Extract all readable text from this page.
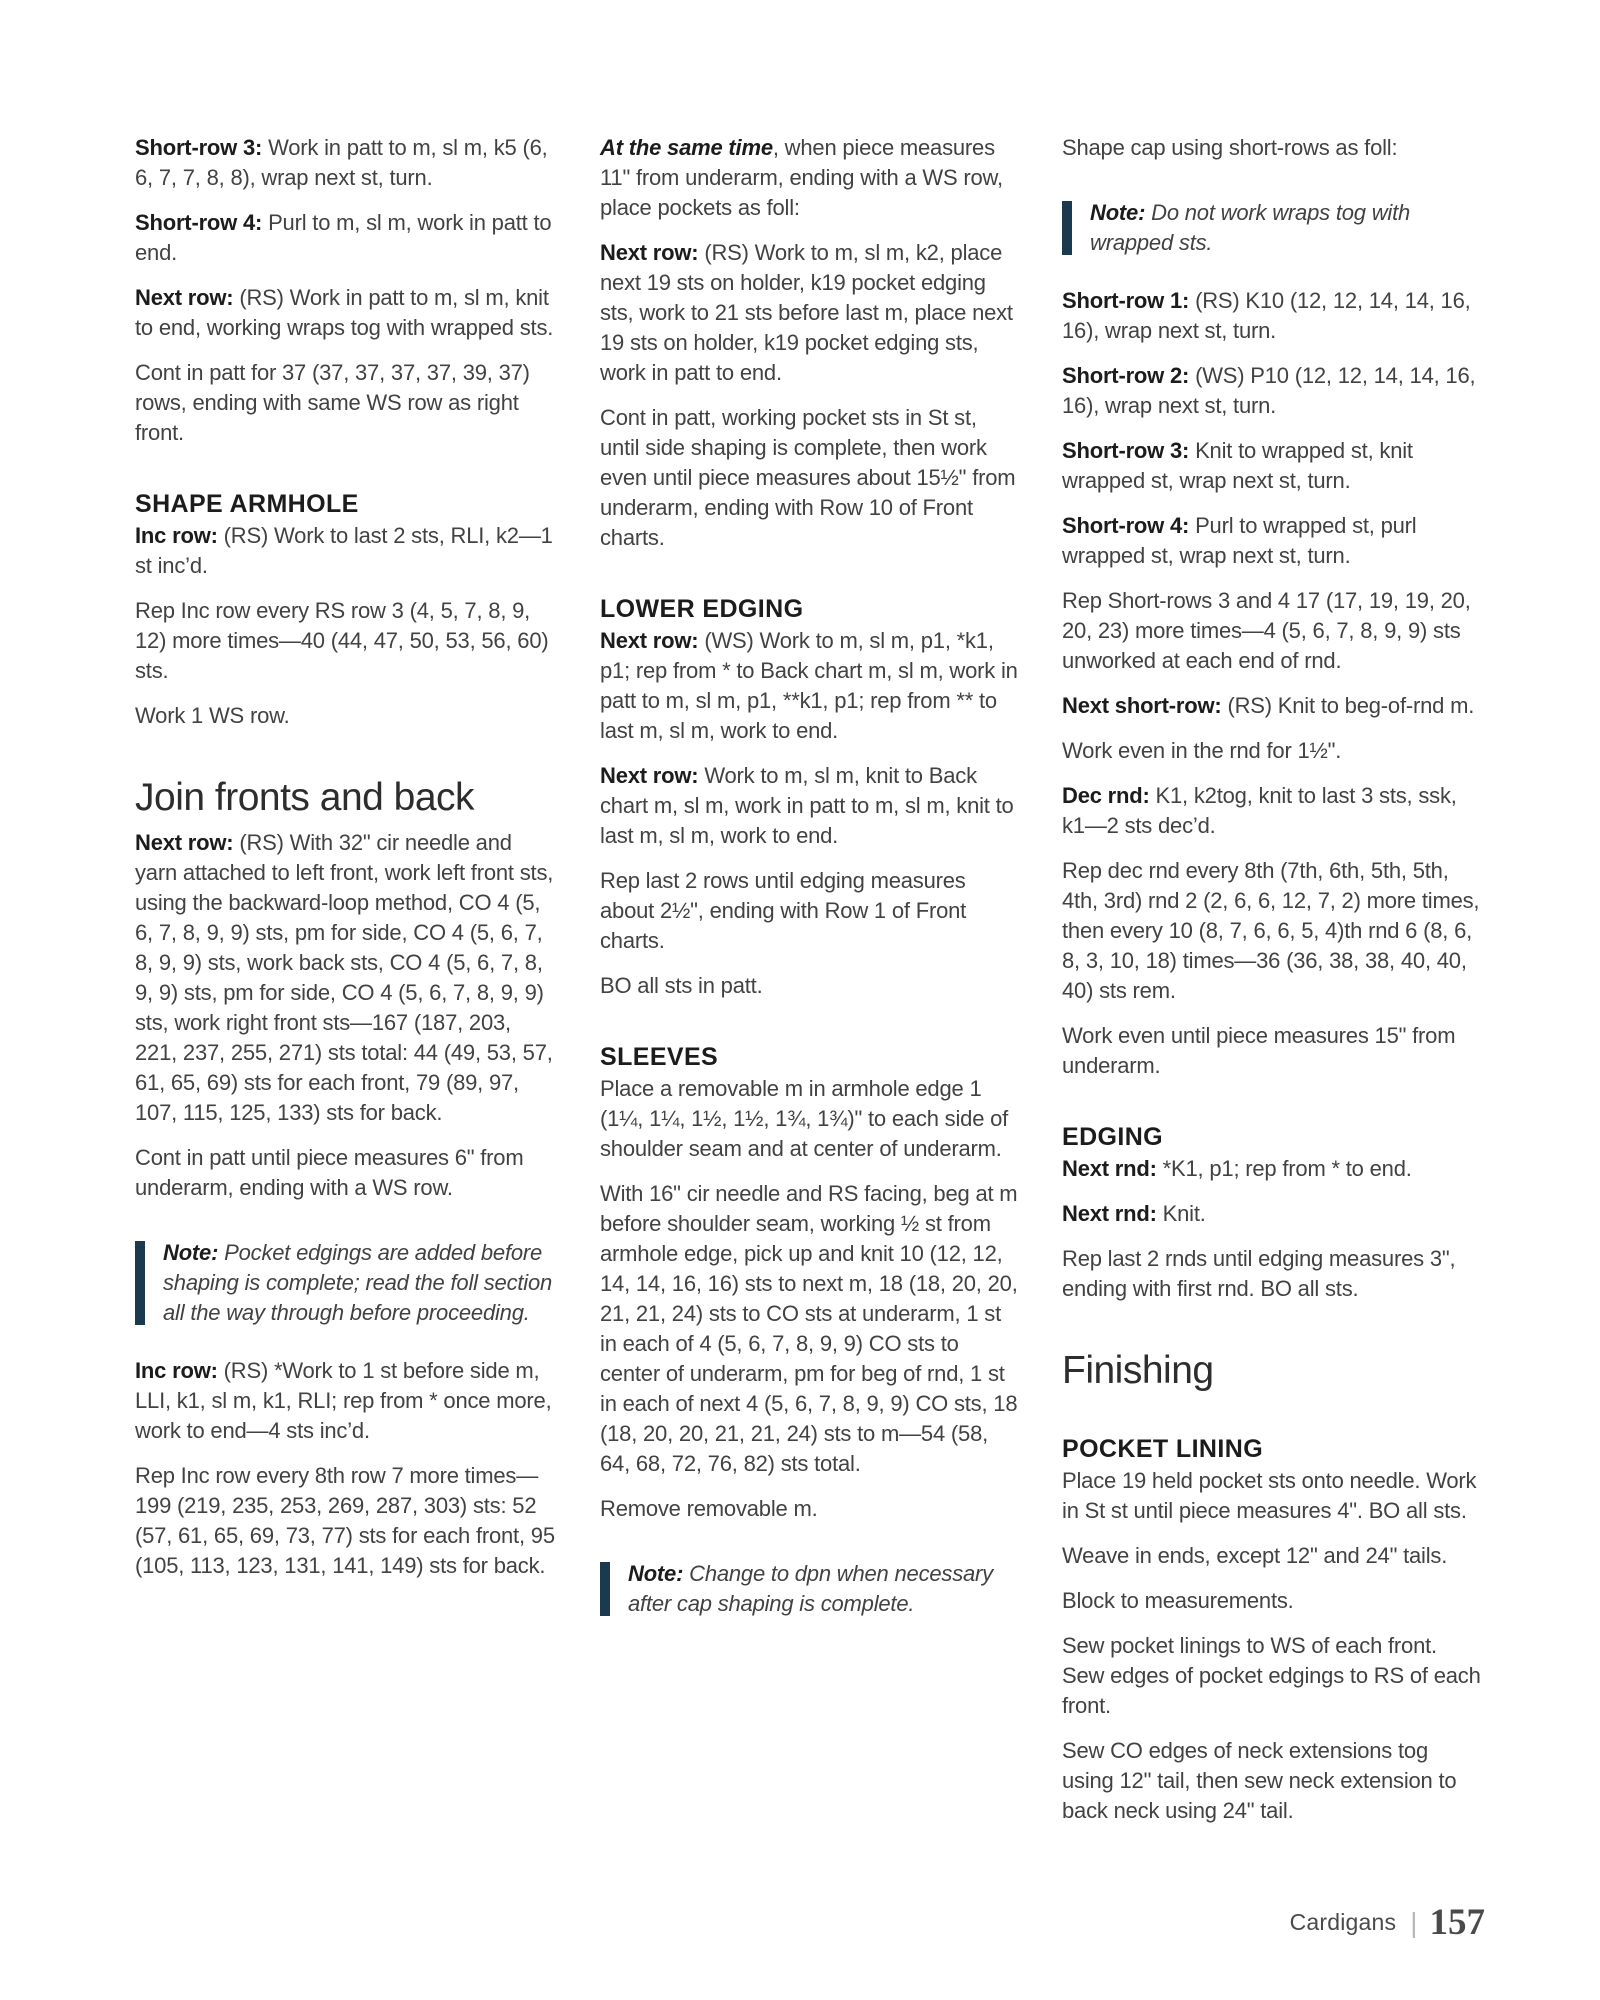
Short-row 3: Work in patt to m, sl m, k5 (6, 6, 7, 7, 8, 8), wrap next st, turn.

Short-row 4: Purl to m, sl m, work in patt to end.

Next row: (RS) Work in patt to m, sl m, knit to end, working wraps tog with wrapped sts.

Cont in patt for 37 (37, 37, 37, 37, 39, 37) rows, ending with same WS row as right front.

SHAPE ARMHOLE

Inc row: (RS) Work to last 2 sts, RLI, k2—1 st inc’d.

Rep Inc row every RS row 3 (4, 5, 7, 8, 9, 12) more times—40 (44, 47, 50, 53, 56, 60) sts.

Work 1 WS row.

Join fronts and back

Next row: (RS) With 32" cir needle and yarn attached to left front, work left front sts, using the backward-loop method, CO 4 (5, 6, 7, 8, 9, 9) sts, pm for side, CO 4 (5, 6, 7, 8, 9, 9) sts, work back sts, CO 4 (5, 6, 7, 8, 9, 9) sts, pm for side, CO 4 (5, 6, 7, 8, 9, 9) sts, work right front sts—167 (187, 203, 221, 237, 255, 271) sts total: 44 (49, 53, 57, 61, 65, 69) sts for each front, 79 (89, 97, 107, 115, 125, 133) sts for back.

Cont in patt until piece measures 6" from underarm, ending with a WS row.

Note: Pocket edgings are added before shaping is complete; read the foll section all the way through before proceeding.

Inc row: (RS) *Work to 1 st before side m, LLI, k1, sl m, k1, RLI; rep from * once more, work to end—4 sts inc’d.

Rep Inc row every 8th row 7 more times—199 (219, 235, 253, 269, 287, 303) sts: 52 (57, 61, 65, 69, 73, 77) sts for each front, 95 (105, 113, 123, 131, 141, 149) sts for back.

At the same time, when piece measures 11" from underarm, ending with a WS row, place pockets as foll:

Next row: (RS) Work to m, sl m, k2, place next 19 sts on holder, k19 pocket edging sts, work to 21 sts before last m, place next 19 sts on holder, k19 pocket edging sts, work in patt to end.

Cont in patt, working pocket sts in St st, until side shaping is complete, then work even until piece measures about 15½" from underarm, ending with Row 10 of Front charts.

LOWER EDGING

Next row: (WS) Work to m, sl m, p1, *k1, p1; rep from * to Back chart m, sl m, work in patt to m, sl m, p1, **k1, p1; rep from ** to last m, sl m, work to end.

Next row: Work to m, sl m, knit to Back chart m, sl m, work in patt to m, sl m, knit to last m, sl m, work to end.

Rep last 2 rows until edging measures about 2½", ending with Row 1 of Front charts.

BO all sts in patt.

SLEEVES

Place a removable m in armhole edge 1 (1¼, 1¼, 1½, 1½, 1¾, 1¾)" to each side of shoulder seam and at center of underarm.

With 16" cir needle and RS facing, beg at m before shoulder seam, working ½ st from armhole edge, pick up and knit 10 (12, 12, 14, 14, 16, 16) sts to next m, 18 (18, 20, 20, 21, 21, 24) sts to CO sts at underarm, 1 st in each of 4 (5, 6, 7, 8, 9, 9) CO sts to center of underarm, pm for beg of rnd, 1 st in each of next 4 (5, 6, 7, 8, 9, 9) CO sts, 18 (18, 20, 20, 21, 21, 24) sts to m—54 (58, 64, 68, 72, 76, 82) sts total.

Remove removable m.

Note: Change to dpn when necessary after cap shaping is complete.

Shape cap using short-rows as foll:

Note: Do not work wraps tog with wrapped sts.

Short-row 1: (RS) K10 (12, 12, 14, 14, 16, 16), wrap next st, turn.

Short-row 2: (WS) P10 (12, 12, 14, 14, 16, 16), wrap next st, turn.

Short-row 3: Knit to wrapped st, knit wrapped st, wrap next st, turn.

Short-row 4: Purl to wrapped st, purl wrapped st, wrap next st, turn.

Rep Short-rows 3 and 4 17 (17, 19, 19, 20, 20, 23) more times—4 (5, 6, 7, 8, 9, 9) sts unworked at each end of rnd.

Next short-row: (RS) Knit to beg-of-rnd m.

Work even in the rnd for 1½".

Dec rnd: K1, k2tog, knit to last 3 sts, ssk, k1—2 sts dec’d.

Rep dec rnd every 8th (7th, 6th, 5th, 5th, 4th, 3rd) rnd 2 (2, 6, 6, 12, 7, 2) more times, then every 10 (8, 7, 6, 6, 5, 4)th rnd 6 (8, 6, 8, 3, 10, 18) times—36 (36, 38, 38, 40, 40, 40) sts rem.

Work even until piece measures 15" from underarm.

EDGING

Next rnd: *K1, p1; rep from * to end.

Next rnd: Knit.

Rep last 2 rnds until edging measures 3", ending with first rnd. BO all sts.

Finishing
POCKET LINING

Place 19 held pocket sts onto needle. Work in St st until piece measures 4". BO all sts.

Weave in ends, except 12" and 24" tails.

Block to measurements.

Sew pocket linings to WS of each front. Sew edges of pocket edgings to RS of each front.

Sew CO edges of neck extensions tog using 12" tail, then sew neck extension to back neck using 24" tail.

Cardigans | 157
